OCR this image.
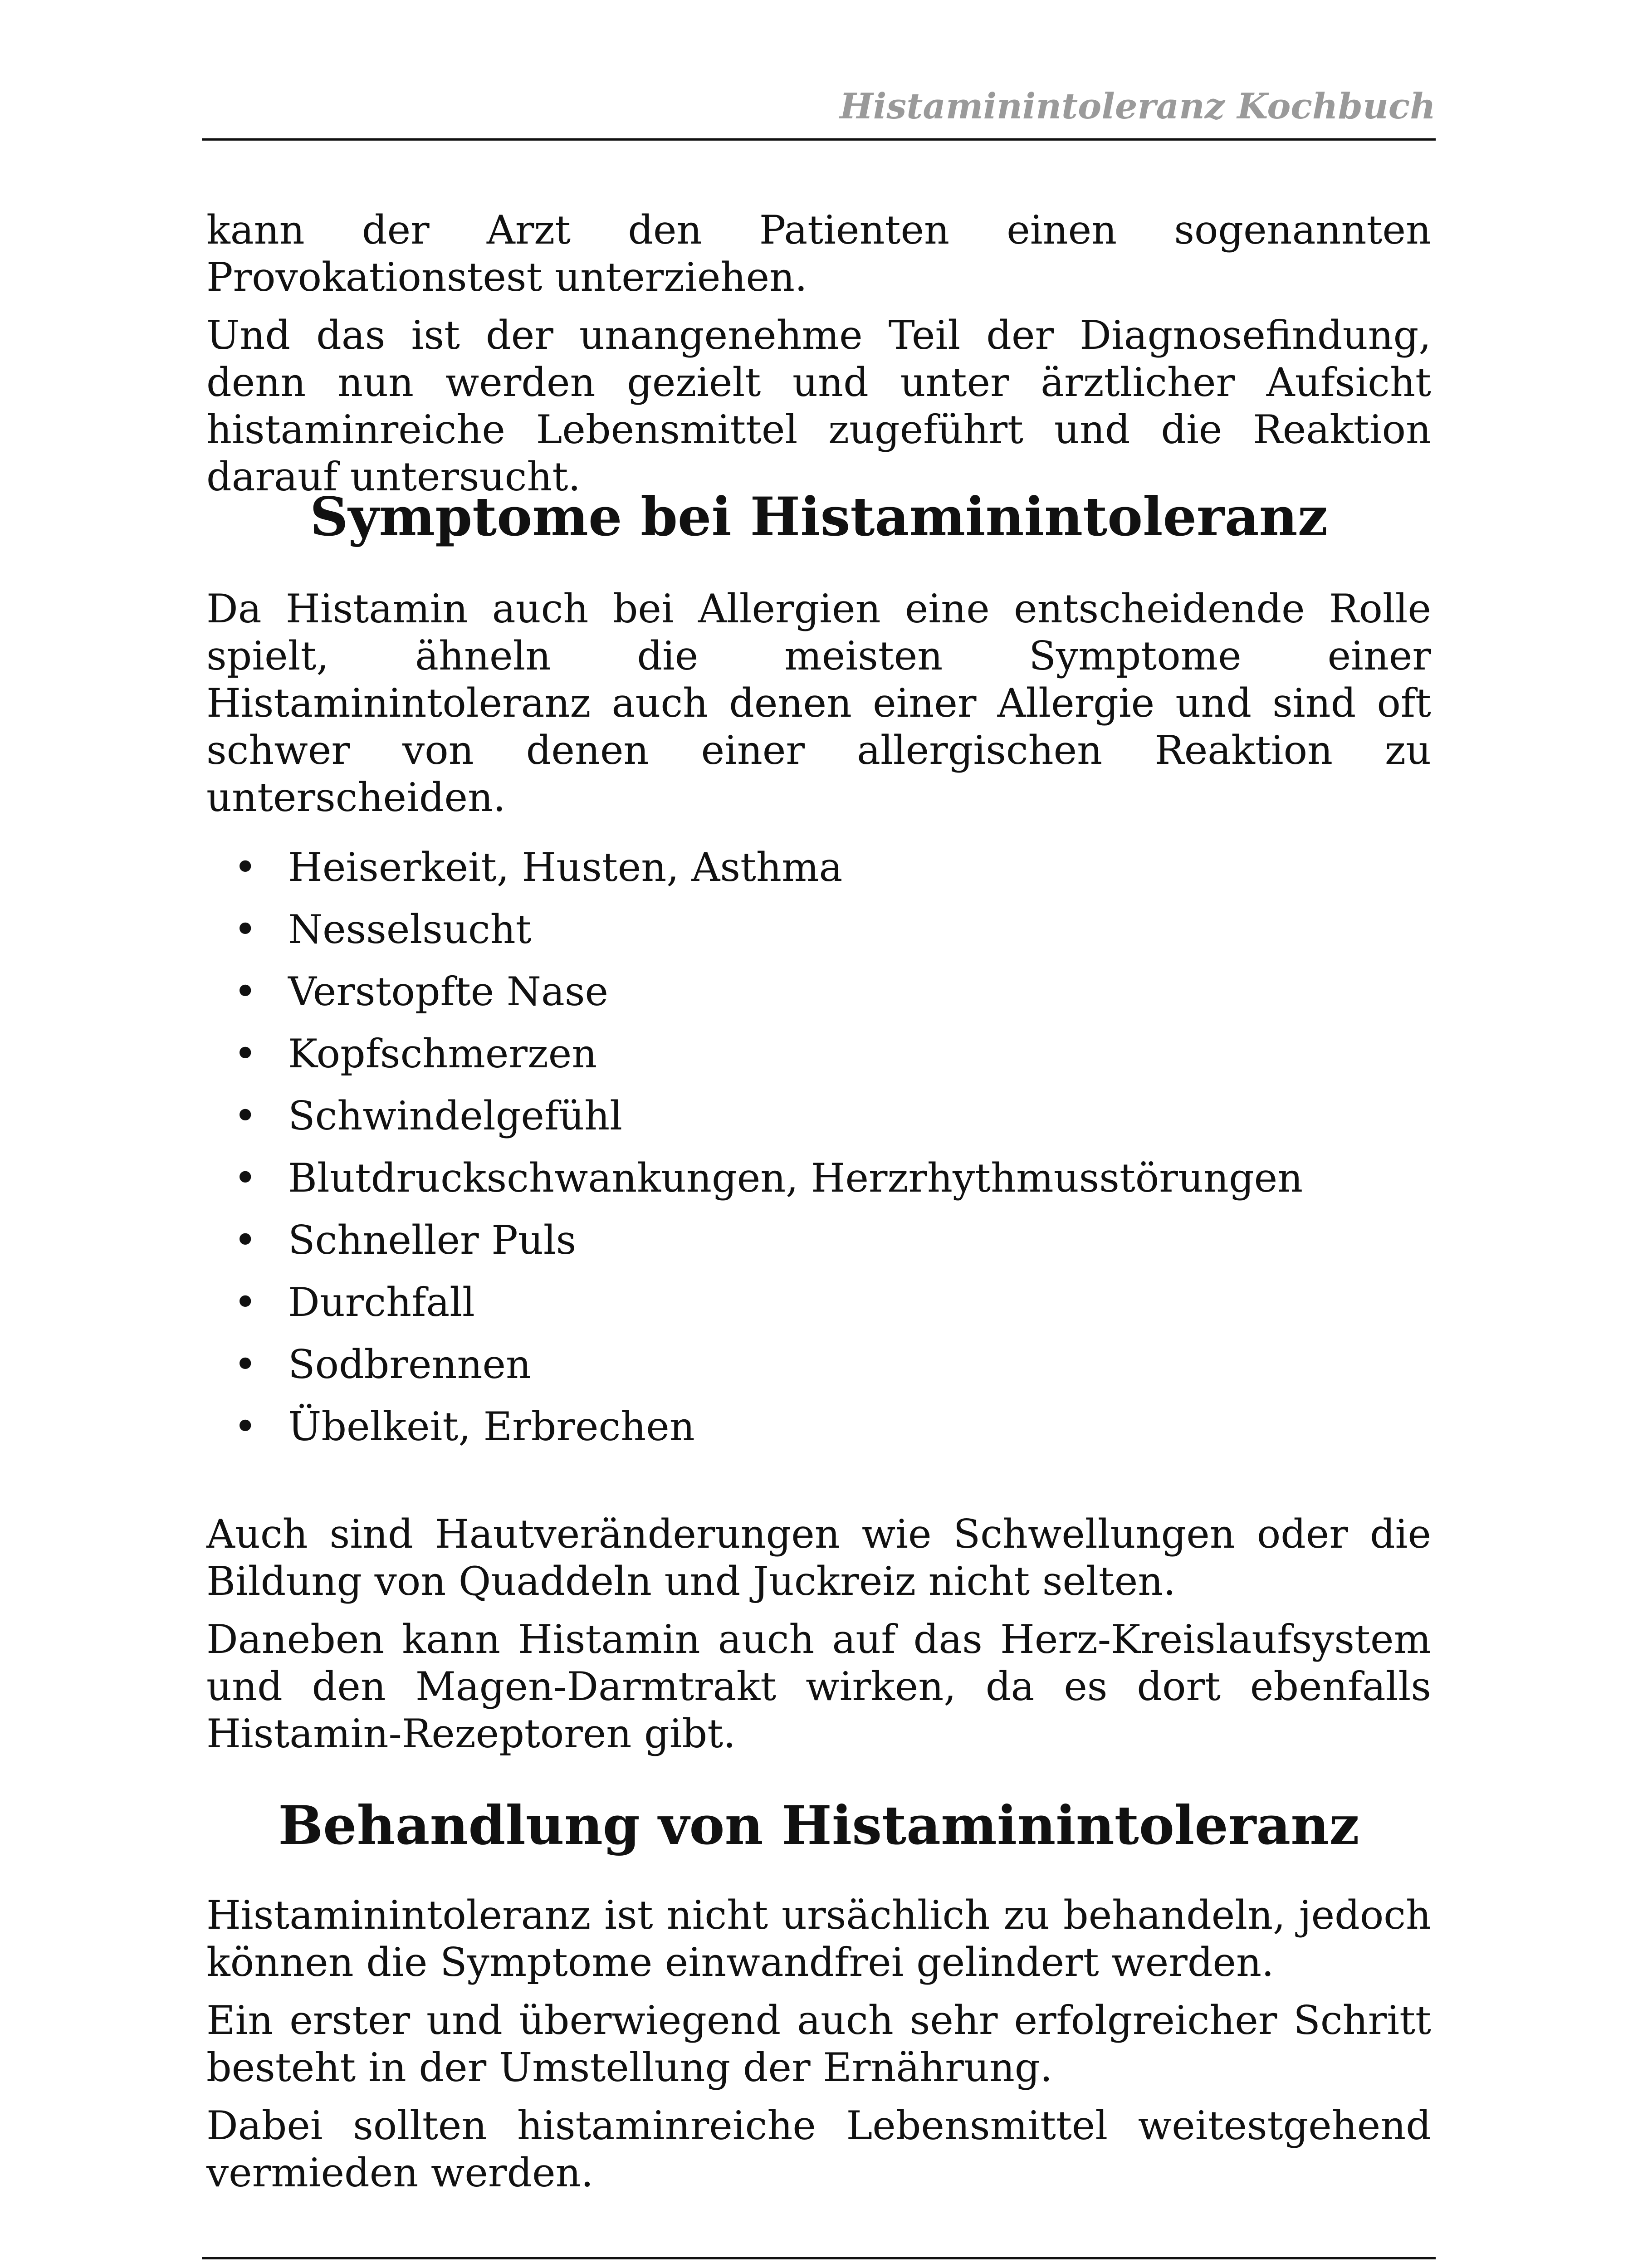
Histaminintoleranz Kochbuch

kann der Arzt den Patienten einen sogenannten Provokationstest unterziehen.

Und das ist der unangenehme Teil der Diagnosefindung, denn nun werden gezielt und unter ärztlicher Aufsicht histaminreiche Lebensmittel zugeführt und die Reaktion darauf untersucht.

Symptome bei Histaminintoleranz

Da Histamin auch bei Allergien eine entscheidende Rolle spielt, ähneln die meisten Symptome einer Histaminintoleranz auch denen einer Allergie und sind oft schwer von denen einer allergischen Reaktion zu unterscheiden.

• Heiserkeit, Husten, Asthma
• Nesselsucht
• Verstopfte Nase
• Kopfschmerzen
• Schwindelgefühl
• Blutdruckschwankungen, Herzrhythmusstörungen
• Schneller Puls
• Durchfall
• Sodbrennen
• Übelkeit, Erbrechen

Auch sind Hautveränderungen wie Schwellungen oder die Bildung von Quaddeln und Juckreiz nicht selten.

Daneben kann Histamin auch auf das Herz-Kreislaufsystem und den Magen-Darmtrakt wirken, da es dort ebenfalls Histamin-Rezeptoren gibt.

Behandlung von Histaminintoleranz

Histaminintoleranz ist nicht ursächlich zu behandeln, jedoch können die Symptome einwandfrei gelindert werden.

Ein erster und überwiegend auch sehr erfolgreicher Schritt besteht in der Umstellung der Ernährung.

Dabei sollten histaminreiche Lebensmittel weitestgehend vermieden werden.
